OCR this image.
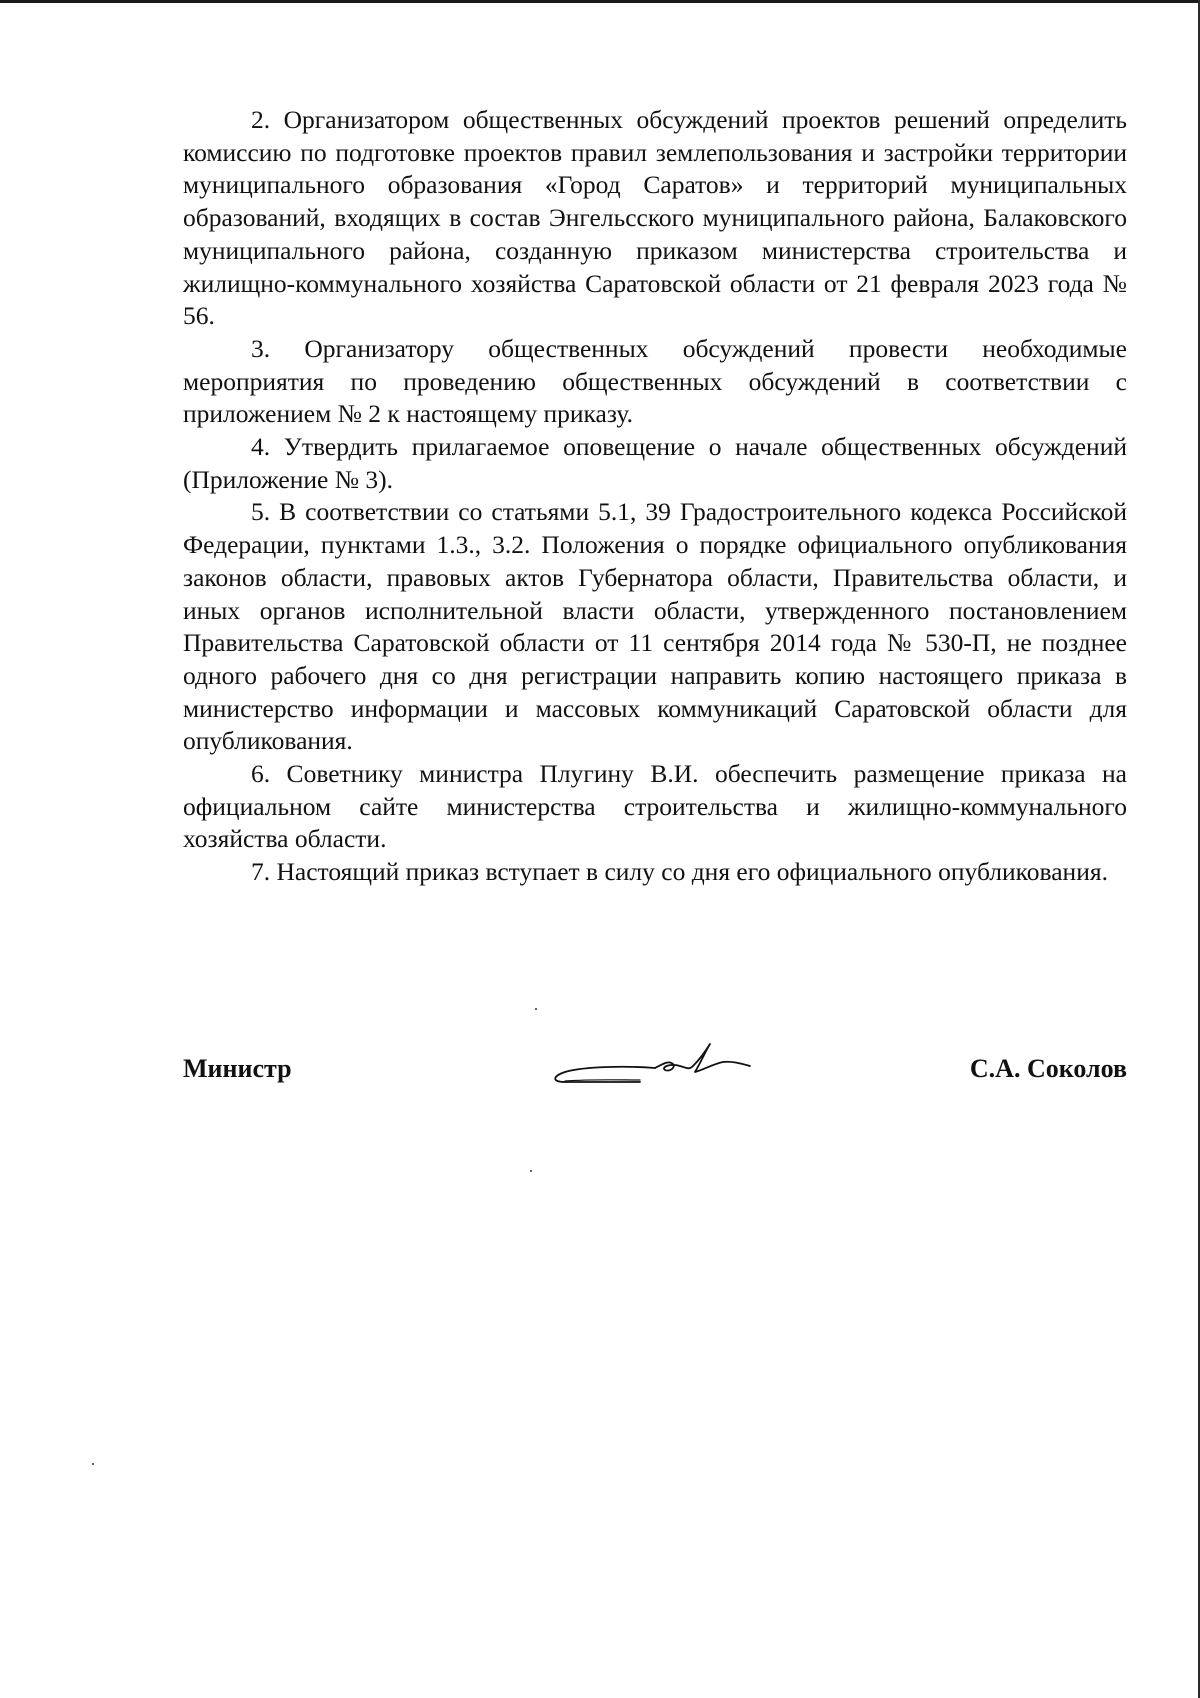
2. Организатором общественных обсуждений проектов решений определить комиссию по подготовке проектов правил землепользования и застройки территории муниципального образования «Город Саратов» и территорий муниципальных образований, входящих в состав Энгельсского муниципального района, Балаковского муниципального района, созданную приказом министерства строительства и жилищно-коммунального хозяйства Саратовской области от 21 февраля 2023 года № 56.

3. Организатору общественных обсуждений провести необходимые мероприятия по проведению общественных обсуждений в соответствии с приложением № 2 к настоящему приказу.

4. Утвердить прилагаемое оповещение о начале общественных обсуждений (Приложение № 3).

5. В соответствии со статьями 5.1, 39 Градостроительного кодекса Российской Федерации, пунктами 1.3., 3.2. Положения о порядке официального опубликования законов области, правовых актов Губернатора области, Правительства области, и иных органов исполнительной власти области, утвержденного постановлением Правительства Саратовской области от 11 сентября 2014 года № 530-П, не позднее одного рабочего дня со дня регистрации направить копию настоящего приказа в министерство информации и массовых коммуникаций Саратовской области для опубликования.

6. Советнику министра Плугину В.И. обеспечить размещение приказа на официальном сайте министерства строительства и жилищно-коммунального хозяйства области.

7. Настоящий приказ вступает в силу со дня его официального опубликования.

Министр	С.А. Соколов
